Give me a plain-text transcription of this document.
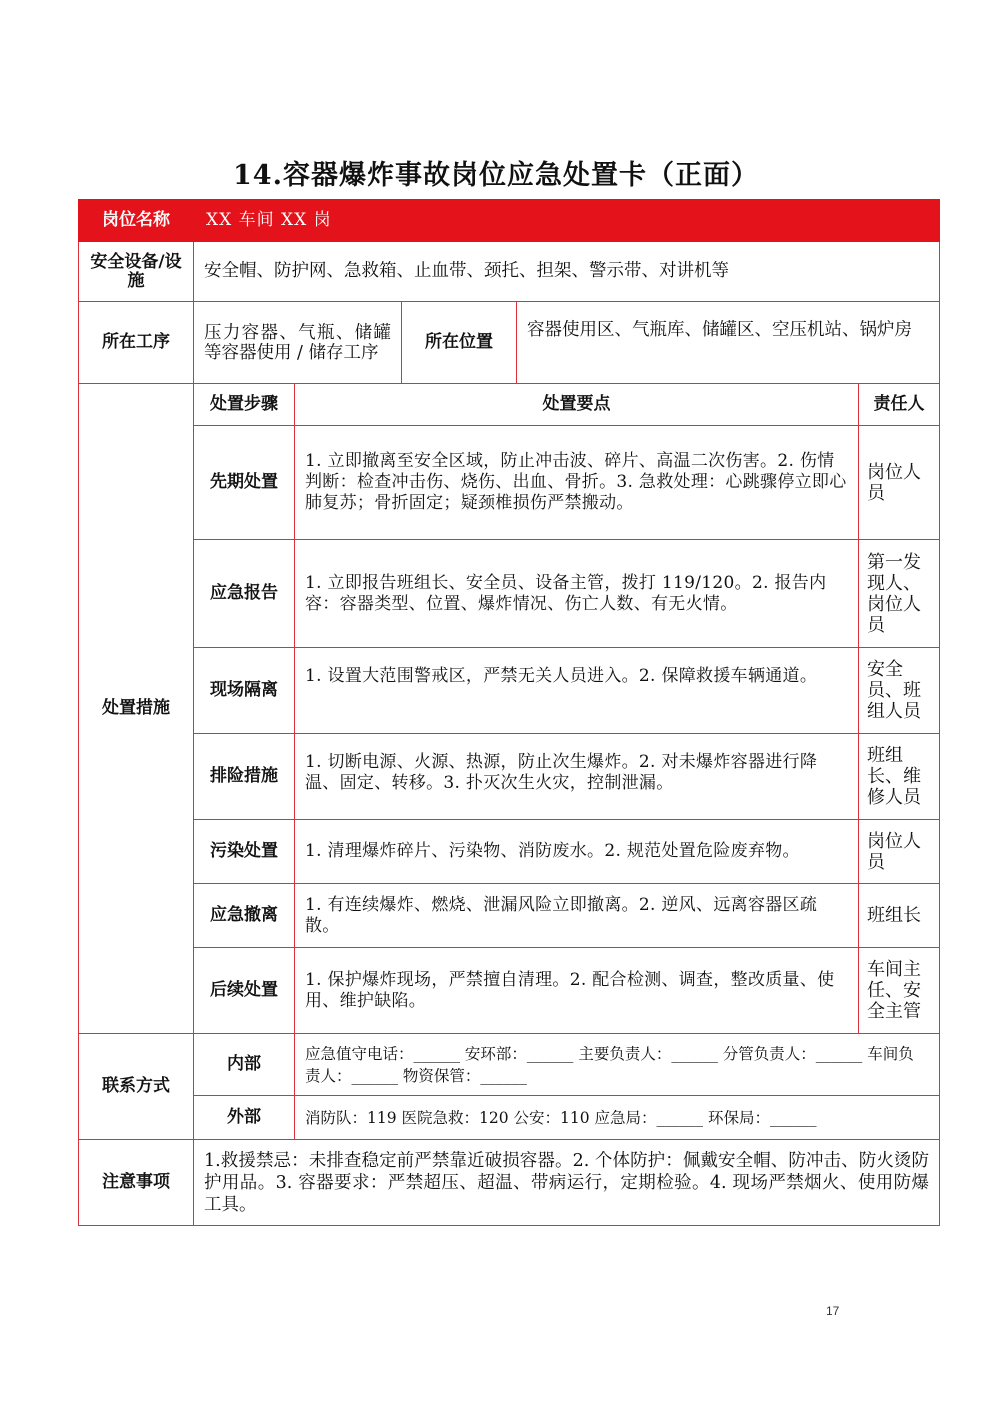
14.容器爆炸事故岗位应急处置卡（正面）
岗位名称	XX 车间 XX 岗				
安全设备/设施	安全帽、防护网、急救箱、止血带、颈托、担架、警示带、对讲机等				
所在工序	压力容器、气瓶、储罐等容器使用 / 储存工序		所在位置	容器使用区、气瓶库、储罐区、空压机站、锅炉房	
处置措施	处置步骤	处置要点			责任人
	先期处置	1. 立即撤离至安全区域，防止冲击波、碎片、高温二次伤害。2. 伤情判断：检查冲击伤、烧伤、出血、骨折。3. 急救处理：心跳骤停立即心肺复苏；骨折固定；疑颈椎损伤严禁搬动。			岗位人员
	应急报告	1. 立即报告班组长、安全员、设备主管，拨打 119/120。2. 报告内容：容器类型、位置、爆炸情况、伤亡人数、有无火情。			第一发现人、岗位人员
	现场隔离	1. 设置大范围警戒区，严禁无关人员进入。2. 保障救援车辆通道。			安全员、班组人员
	排险措施	1. 切断电源、火源、热源，防止次生爆炸。2. 对未爆炸容器进行降温、固定、转移。3. 扑灭次生火灾，控制泄漏。			班组长、维修人员
	污染处置	1. 清理爆炸碎片、污染物、消防废水。2. 规范处置危险废弃物。			岗位人员
	应急撤离	1. 有连续爆炸、燃烧、泄漏风险立即撤离。2. 逆风、远离容器区疏散。			班组长
	后续处置	1. 保护爆炸现场，严禁擅自清理。2. 配合检测、调查，整改质量、使用、维护缺陷。			车间主任、安全主管
联系方式	内部	应急值守电话：______ 安环部：______ 主要负责人：______ 分管负责人：______ 车间负责人：______ 物资保管：______			
	外部	消防队：119 医院急救：120 公安：110 应急局：______ 环保局：______			
注意事项	1.救援禁忌：未排查稳定前严禁靠近破损容器。2. 个体防护：佩戴安全帽、防冲击、防火烫防护用品。3. 容器要求：严禁超压、超温、带病运行，定期检验。4. 现场严禁烟火、使用防爆工具。				
17
